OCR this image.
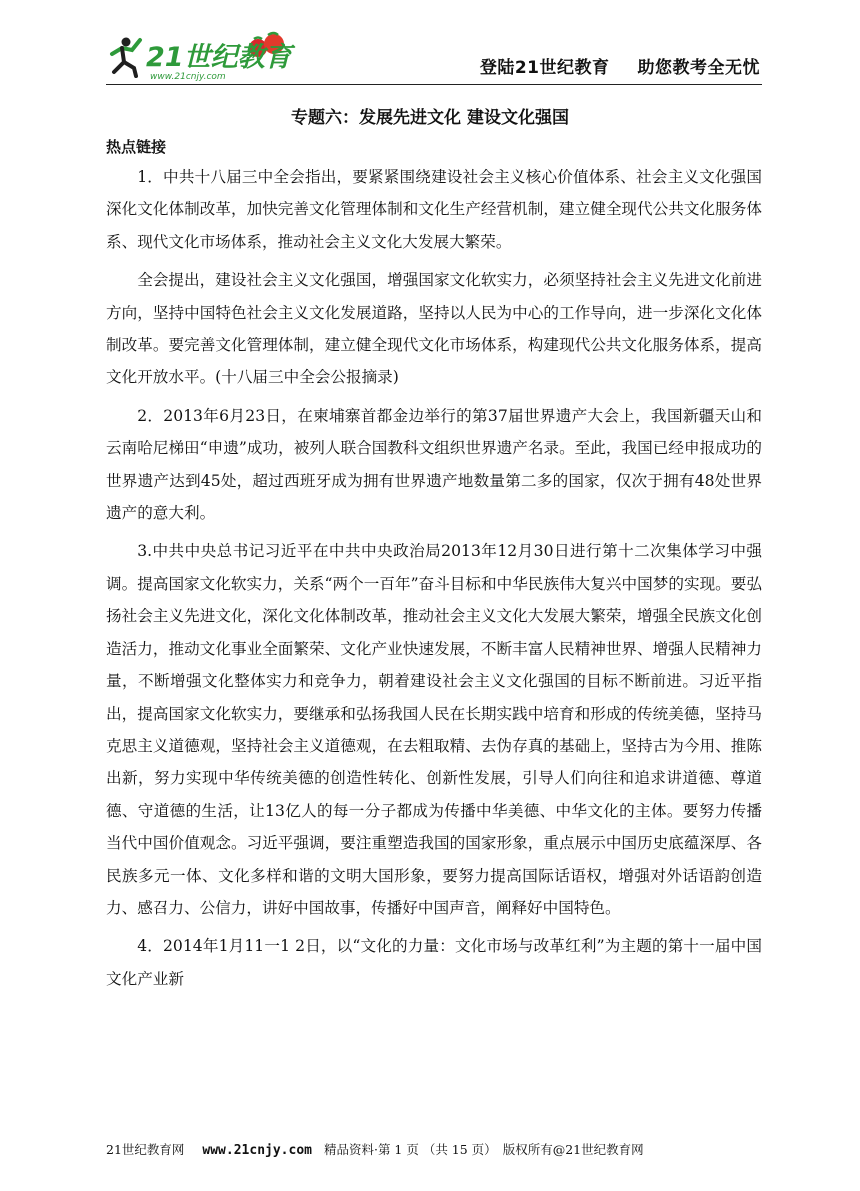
21世纪教育
www.21cnjy.com	登陆21世纪教育 助您教考全无忧
专题六：发展先进文化 建设文化强国
热点链接

1．中共十八届三中全会指出，要紧紧围绕建设社会主义核心价值体系、社会主义文化强国深化文化体制改革，加快完善文化管理体制和文化生产经营机制，建立健全现代公共文化服务体系、现代文化市场体系，推动社会主义文化大发展大繁荣。

全会提出，建设社会主义文化强国，增强国家文化软实力，必须坚持社会主义先进文化前进方向，坚持中国特色社会主义文化发展道路，坚持以人民为中心的工作导向，进一步深化文化体制改革。要完善文化管理体制，建立健全现代文化市场体系，构建现代公共文化服务体系，提高文化开放水平。(十八届三中全会公报摘录)

2．2013年6月23日，在柬埔寨首都金边举行的第37届世界遗产大会上，我国新疆天山和云南哈尼梯田“申遗”成功，被列人联合国教科文组织世界遗产名录。至此，我国已经申报成功的世界遗产达到45处，超过西班牙成为拥有世界遗产地数量第二多的国家，仅次于拥有48处世界遗产的意大利。

3.中共中央总书记习近平在中共中央政治局2013年12月30日进行第十二次集体学习中强调。提高国家文化软实力，关系“两个一百年”奋斗目标和中华民族伟大复兴中国梦的实现。要弘扬社会主义先进文化，深化文化体制改革，推动社会主义文化大发展大繁荣，增强全民族文化创造活力，推动文化事业全面繁荣、文化产业快速发展，不断丰富人民精神世界、增强人民精神力量，不断增强文化整体实力和竞争力，朝着建设社会主义文化强国的目标不断前进。习近平指出，提高国家文化软实力，要继承和弘扬我国人民在长期实践中培育和形成的传统美德，坚持马克思主义道德观，坚持社会主义道德观，在去粗取精、去伪存真的基础上，坚持古为今用、推陈出新，努力实现中华传统美德的创造性转化、创新性发展，引导人们向往和追求讲道德、尊道德、守道德的生活，让13亿人的每一分子都成为传播中华美德、中华文化的主体。要努力传播当代中国价值观念。习近平强调，要注重塑造我国的国家形象，重点展示中国历史底蕴深厚、各民族多元一体、文化多样和谐的文明大国形象，要努力提高国际话语权，增强对外话语韵创造力、感召力、公信力，讲好中国故事，传播好中国声音，阐释好中国特色。

4．2014年1月11一1 2日，以“文化的力量：文化市场与改革红利”为主题的第十一届中国文化产业新

21世纪教育网 www.21cnjy.com 精品资料·第 1 页 （共 15 页） 版权所有@21世纪教育网
